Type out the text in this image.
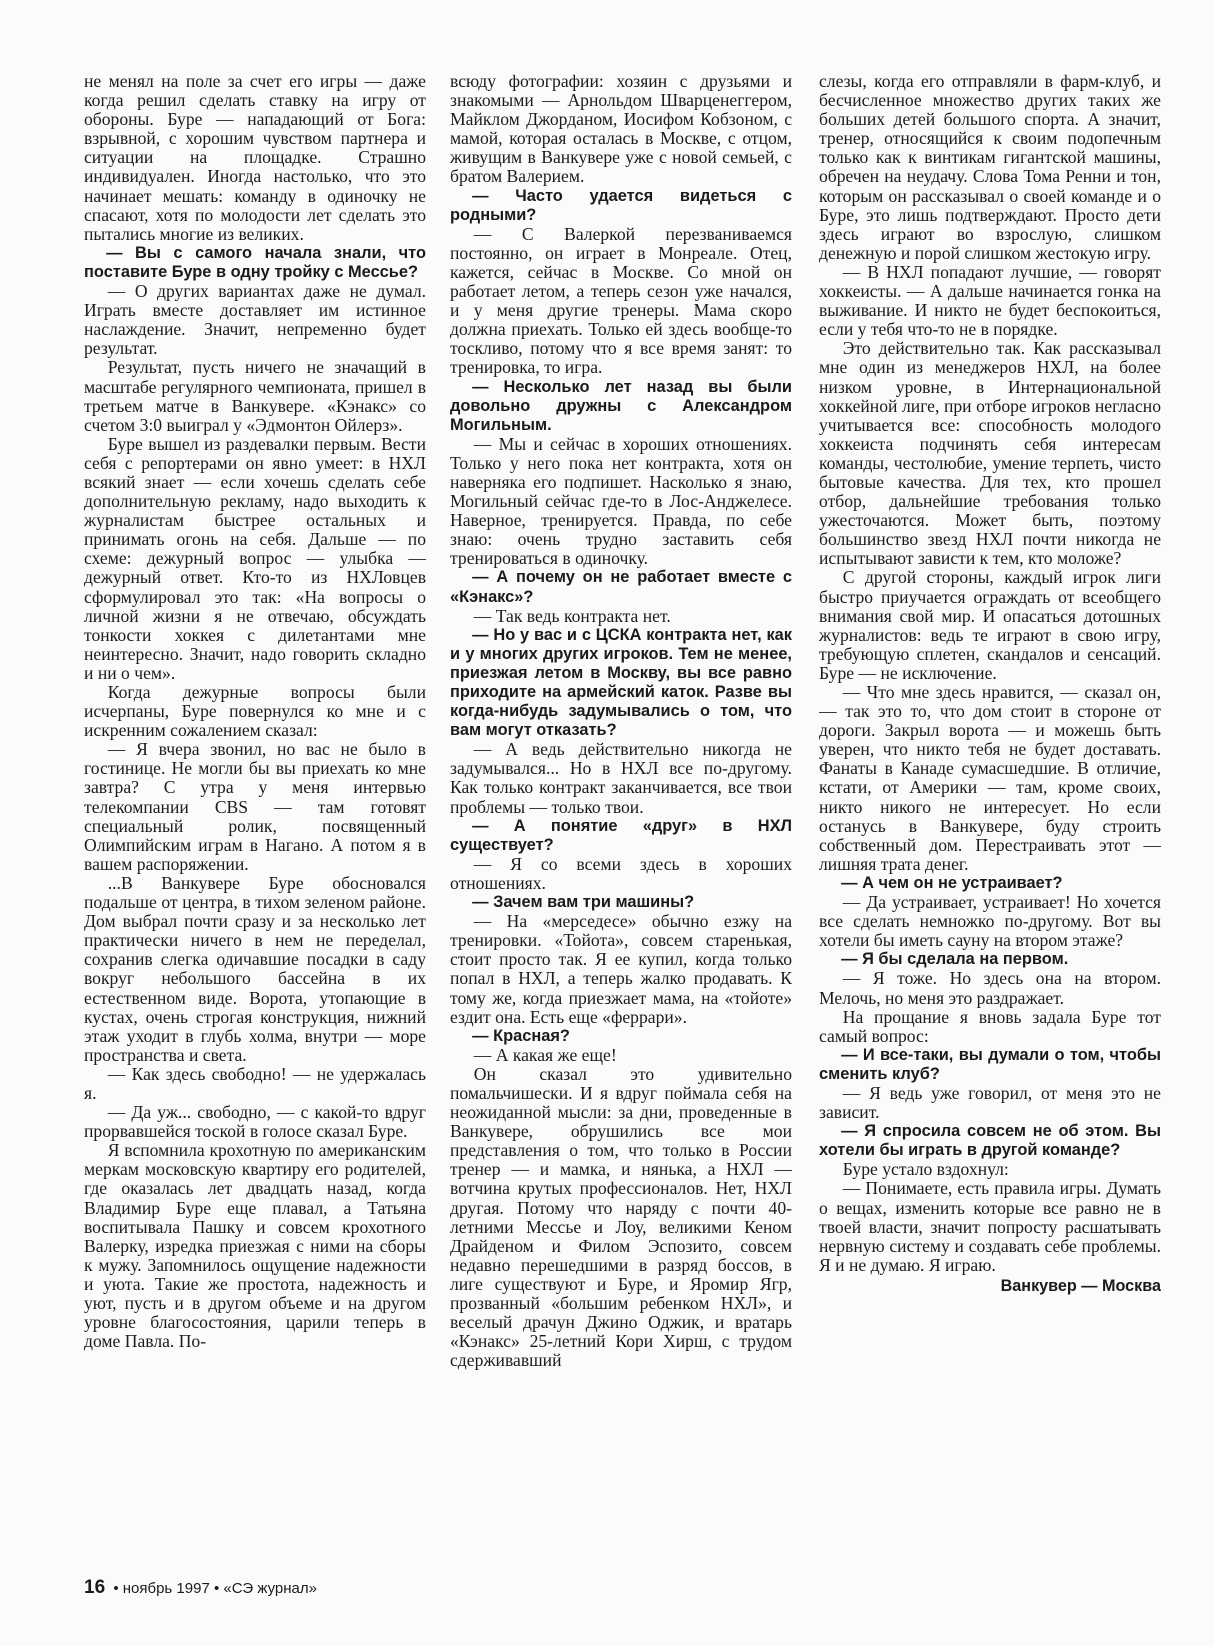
не менял на поле за счет его игры — даже когда решил сделать ставку на игру от обороны. Буре — нападающий от Бога: взрывной, с хорошим чувством партнера и ситуации на площадке. Страшно индивидуален. Иногда настолько, что это начинает мешать: команду в одиночку не спасают, хотя по молодости лет сделать это пытались многие из великих.

— Вы с самого начала знали, что поставите Буре в одну тройку с Мессье?

— О других вариантах даже не думал. Играть вместе доставляет им истинное наслаждение. Значит, непременно будет результат.

Результат, пусть ничего не значащий в масштабе регулярного чемпионата, пришел в третьем матче в Ванкувере. «Кэнакс» со счетом 3:0 выиграл у «Эдмонтон Ойлерз».

Буре вышел из раздевалки первым. Вести себя с репортерами он явно умеет: в НХЛ всякий знает — если хочешь сделать себе дополнительную рекламу, надо выходить к журналистам быстрее остальных и принимать огонь на себя. Дальше — по схеме: дежурный вопрос — улыбка — дежурный ответ. Кто-то из НХЛовцев сформулировал это так: «На вопросы о личной жизни я не отвечаю, обсуждать тонкости хоккея с дилетантами мне неинтересно. Значит, надо говорить складно и ни о чем».

Когда дежурные вопросы были исчерпаны, Буре повернулся ко мне и с искренним сожалением сказал:

— Я вчера звонил, но вас не было в гостинице. Не могли бы вы приехать ко мне завтра? С утра у меня интервью телекомпании CBS — там готовят специальный ролик, посвященный Олимпийским играм в Нагано. А потом я в вашем распоряжении.

...В Ванкувере Буре обосновался подальше от центра, в тихом зеленом районе. Дом выбрал почти сразу и за несколько лет практически ничего в нем не переделал, сохранив слегка одичавшие посадки в саду вокруг небольшого бассейна в их естественном виде. Ворота, утопающие в кустах, очень строгая конструкция, нижний этаж уходит в глубь холма, внутри — море пространства и света.

— Как здесь свободно! — не удержалась я.

— Да уж... свободно, — с какой-то вдруг прорвавшейся тоской в голосе сказал Буре.

Я вспомнила крохотную по американским меркам московскую квартиру его родителей, где оказалась лет двадцать назад, когда Владимир Буре еще плавал, а Татьяна воспитывала Пашку и совсем крохотного Валерку, изредка приезжая с ними на сборы к мужу. Запомнилось ощущение надежности и уюта. Такие же простота, надежность и уют, пусть и в другом объеме и на другом уровне благосостояния, царили теперь в доме Павла. По-

всюду фотографии: хозяин с друзьями и знакомыми — Арнольдом Шварценеггером, Майклом Джорданом, Иосифом Кобзоном, с мамой, которая осталась в Москве, с отцом, живущим в Ванкувере уже с новой семьей, с братом Валерием.

— Часто удается видеться с родными?

— С Валеркой перезваниваемся постоянно, он играет в Монреале. Отец, кажется, сейчас в Москве. Со мной он работает летом, а теперь сезон уже начался, и у меня другие тренеры. Мама скоро должна приехать. Только ей здесь вообще-то тоскливо, потому что я все время занят: то тренировка, то игра.

— Несколько лет назад вы были довольно дружны с Александром Могильным.

— Мы и сейчас в хороших отношениях. Только у него пока нет контракта, хотя он наверняка его подпишет. Насколько я знаю, Могильный сейчас где-то в Лос-Анджелесе. Наверное, тренируется. Правда, по себе знаю: очень трудно заставить себя тренироваться в одиночку.

— А почему он не работает вместе с «Кэнакс»?

— Так ведь контракта нет.

— Но у вас и с ЦСКА контракта нет, как и у многих других игроков. Тем не менее, приезжая летом в Москву, вы все равно приходите на армейский каток. Разве вы когда-нибудь задумывались о том, что вам могут отказать?

— А ведь действительно никогда не задумывался... Но в НХЛ все по-другому. Как только контракт заканчивается, все твои проблемы — только твои.

— А понятие «друг» в НХЛ существует?

— Я со всеми здесь в хороших отношениях.

— Зачем вам три машины?

— На «мерседесе» обычно езжу на тренировки. «Тойота», совсем старенькая, стоит просто так. Я ее купил, когда только попал в НХЛ, а теперь жалко продавать. К тому же, когда приезжает мама, на «тойоте» ездит она. Есть еще «феррари».

— Красная?

— А какая же еще!

Он сказал это удивительно помальчишески. И я вдруг поймала себя на неожиданной мысли: за дни, проведенные в Ванкувере, обрушились все мои представления о том, что только в России тренер — и мамка, и нянька, а НХЛ — вотчина крутых профессионалов. Нет, НХЛ другая. Потому что наряду с почти 40-летними Мессье и Лоу, великими Кеном Драйденом и Филом Эспозито, совсем недавно перешедшими в разряд боссов, в лиге существуют и Буре, и Яромир Ягр, прозванный «большим ребенком НХЛ», и веселый драчун Джино Оджик, и вратарь «Кэнакс» 25-летний Кори Хирш, с трудом сдерживавший

слезы, когда его отправляли в фарм-клуб, и бесчисленное множество других таких же больших детей большого спорта. А значит, тренер, относящийся к своим подопечным только как к винтикам гигантской машины, обречен на неудачу. Слова Тома Ренни и тон, которым он рассказывал о своей команде и о Буре, это лишь подтверждают. Просто дети здесь играют во взрослую, слишком денежную и порой слишком жестокую игру.

— В НХЛ попадают лучшие, — говорят хоккеисты. — А дальше начинается гонка на выживание. И никто не будет беспокоиться, если у тебя что-то не в порядке.

Это действительно так. Как рассказывал мне один из менеджеров НХЛ, на более низком уровне, в Интернациональной хоккейной лиге, при отборе игроков негласно учитывается все: способность молодого хоккеиста подчинять себя интересам команды, честолюбие, умение терпеть, чисто бытовые качества. Для тех, кто прошел отбор, дальнейшие требования только ужесточаются. Может быть, поэтому большинство звезд НХЛ почти никогда не испытывают зависти к тем, кто моложе?

С другой стороны, каждый игрок лиги быстро приучается ограждать от всеобщего внимания свой мир. И опасаться дотошных журналистов: ведь те играют в свою игру, требующую сплетен, скандалов и сенсаций. Буре — не исключение.

— Что мне здесь нравится, — сказал он, — так это то, что дом стоит в стороне от дороги. Закрыл ворота — и можешь быть уверен, что никто тебя не будет доставать. Фанаты в Канаде сумасшедшие. В отличие, кстати, от Америки — там, кроме своих, никто никого не интересует. Но если останусь в Ванкувере, буду строить собственный дом. Перестраивать этот — лишняя трата денег.

— А чем он не устраивает?

— Да устраивает, устраивает! Но хочется все сделать немножко по-другому. Вот вы хотели бы иметь сауну на втором этаже?

— Я бы сделала на первом.

— Я тоже. Но здесь она на втором. Мелочь, но меня это раздражает.

На прощание я вновь задала Буре тот самый вопрос:

— И все-таки, вы думали о том, чтобы сменить клуб?

— Я ведь уже говорил, от меня это не зависит.

— Я спросила совсем не об этом. Вы хотели бы играть в другой команде?

Буре устало вздохнул:

— Понимаете, есть правила игры. Думать о вещах, изменить которые все равно не в твоей власти, значит попросту расшатывать нервную систему и создавать себе проблемы. Я и не думаю. Я играю.

Ванкувер — Москва

16 • ноябрь 1997 • «СЭ журнал»
